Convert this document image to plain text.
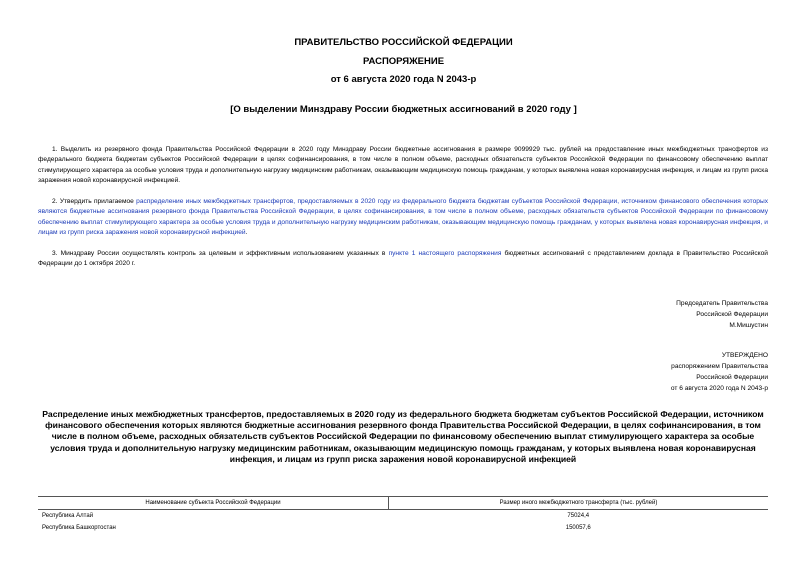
ПРАВИТЕЛЬСТВО РОССИЙСКОЙ ФЕДЕРАЦИИ
РАСПОРЯЖЕНИЕ
от 6 августа 2020 года N 2043-р
[О выделении Минздраву России бюджетных ассигнований в 2020 году ]

1. Выделить из резервного фонда Правительства Российской Федерации в 2020 году Минздраву России бюджетные ассигнования в размере 9099929 тыс. рублей на предоставление иных межбюджетных трансфертов из федерального бюджета бюджетам субъектов Российской Федерации в целях софинансирования, в том числе в полном объеме, расходных обязательств субъектов Российской Федерации по финансовому обеспечению выплат стимулирующего характера за особые условия труда и дополнительную нагрузку медицинским работникам, оказывающим медицинскую помощь гражданам, у которых выявлена новая коронавирусная инфекция, и лицам из групп риска заражения новой коронавирусной инфекцией.

2. Утвердить прилагаемое распределение иных межбюджетных трансфертов, предоставляемых в 2020 году из федерального бюджета бюджетам субъектов Российской Федерации, источником финансового обеспечения которых являются бюджетные ассигнования резервного фонда Правительства Российской Федерации, в целях софинансирования, в том числе в полном объеме, расходных обязательств субъектов Российской Федерации по финансовому обеспечению выплат стимулирующего характера за особые условия труда и дополнительную нагрузку медицинским работникам, оказывающим медицинскую помощь гражданам, у которых выявлена новая коронавирусная инфекция, и лицам из групп риска заражения новой коронавирусной инфекцией.

3. Минздраву России осуществлять контроль за целевым и эффективным использованием указанных в пункте 1 настоящего распоряжения бюджетных ассигнований с представлением доклада в Правительство Российской Федерации до 1 октября 2020 г.

Председатель Правительства
Российской Федерации
М.Мишустин
УТВЕРЖДЕНО
распоряжением Правительства
Российской Федерации
от 6 августа 2020 года N 2043-р
Распределение иных межбюджетных трансфертов, предоставляемых в 2020 году из федерального бюджета бюджетам субъектов Российской Федерации, источником финансового обеспечения которых являются бюджетные ассигнования резервного фонда Правительства Российской Федерации, в целях софинансирования, в том числе в полном объеме, расходных обязательств субъектов Российской Федерации по финансовому обеспечению выплат стимулирующего характера за особые условия труда и дополнительную нагрузку медицинским работникам, оказывающим медицинскую помощь гражданам, у которых выявлена новая коронавирусная инфекция, и лицам из групп риска заражения новой коронавирусной инфекцией
Наименование субъекта Российской Федерации	Размер иного межбюджетного трансферта (тыс. рублей)
Республика Алтай	75024,4
Республика Башкортостан	150057,6
